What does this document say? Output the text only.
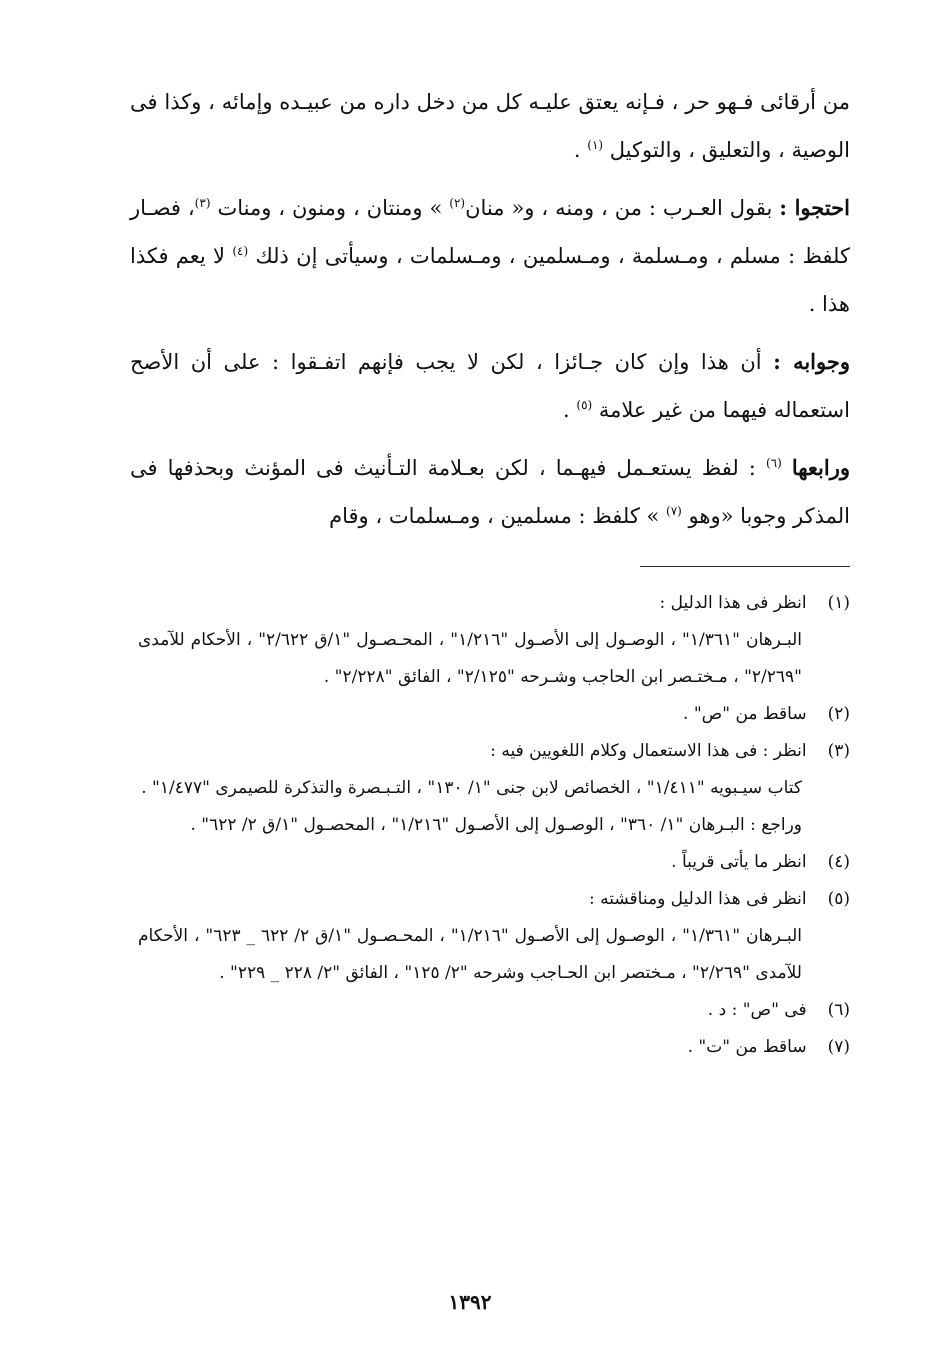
من أرقائى فـهو حر ، فـإنه يعتق عليـه كل من دخل داره من عبيـده وإمائه ، وكذا فى الوصية ، والتعليق ، والتوكيل $^{(١)}$ .

احتجوا : بقول العـرب : من ، ومنه ، و« منان$^{(٢)}$ » ومنتان ، ومنون ، ومنات $^{(٣)}$، فصـار كلفظ : مسلم ، ومـسلمة ، ومـسلمين ، ومـسلمات ، وسيأتى إن ذلك $^{(٤)}$ لا يعم فكذا هذا .

وجوابه : أن هذا وإن كان جـائزا ، لكن لا يجب فإنهم اتفـقوا : على أن الأصح استعماله فيهما من غير علامة $^{(٥)}$ .

ورابعها $^{(٦)}$ : لفظ يستعـمل فيهـما ، لكن بعـلامة التـأنيث فى المؤنث وبحذفها فى المذكر وجوبا «وهو $^{(٧)}$ » كلفظ : مسلمين ، ومـسلمات ، وقام

(١) انظر فى هذا الدليل :

البـرهان "١/٣٦١" ، الوصـول إلى الأصـول "١/٢١٦" ، المحـصـول "١/ق ٢/٦٢٢" ، الأحكام للآمدى "٢/٢٦٩" ، مـختـصر ابن الحاجب وشـرحه "٢/١٢٥" ، الفائق "٢/٢٢٨" .

(٢) ساقط من "ص" .

(٣) انظر : فى هذا الاستعمال وكلام اللغويين فيه :

كتاب سيـبويه "١/٤١١" ، الخصائص لابن جنى "١/ ١٣٠" ، التـبـصرة والتذكرة للصيمرى "١/٤٧٧" .

وراجع : البـرهان "١/ ٣٦٠" ، الوصـول إلى الأصـول "١/٢١٦" ، المحصـول "١/ق ٢/ ٦٢٢" .

(٤) انظر ما يأتى قريباً .

(٥) انظر فى هذا الدليل ومناقشته :

البـرهان "١/٣٦١" ، الوصـول إلى الأصـول "١/٢١٦" ، المحـصـول "١/ق ٢/ ٦٢٢ _ ٦٢٣" ، الأحكام للآمدى "٢/٢٦٩" ، مـختصر ابن الحـاجب وشرحه "٢/ ١٢٥" ، الفائق "٢/ ٢٢٨ _ ٢٢٩" .

(٦) فى "ص" : د .

(٧) ساقط من "ت" .

١٣٩٢
